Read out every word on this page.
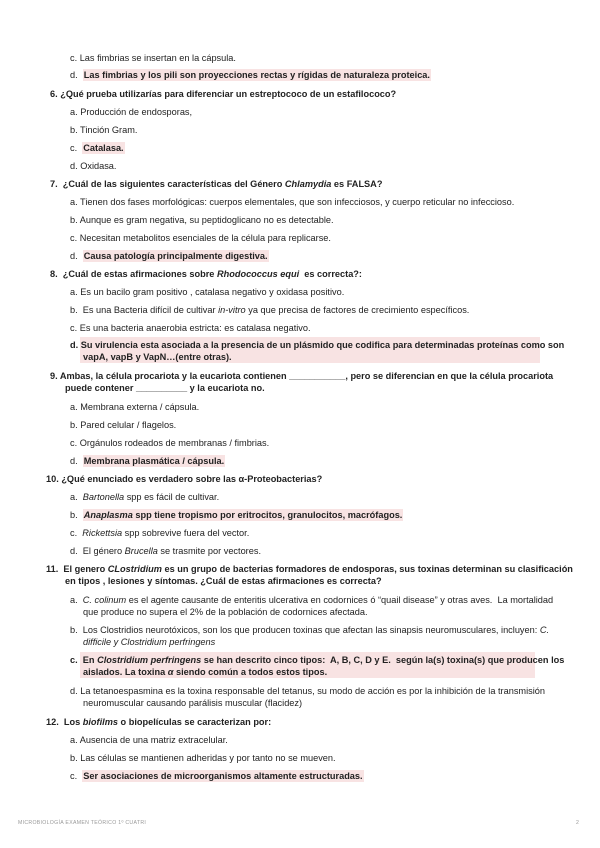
c. Las fimbrias se insertan en la cápsula.
d.  Las fimbrias y los pili son proyecciones rectas y rígidas de naturaleza proteica.
6. ¿Qué prueba utilizarías para diferenciar un estreptococo de un estafilococo?
a. Producción de endosporas,
b. Tinción Gram.
c.  Catalasa.
d. Oxidasa.
7.  ¿Cuál de las siguientes características del Género Chlamydia es FALSA?
a. Tienen dos fases morfológicas: cuerpos elementales, que son infecciosos, y cuerpo reticular no infeccioso.
b. Aunque es gram negativa, su peptidoglicano no es detectable.
c. Necesitan metabolitos esenciales de la célula para replicarse.
d.  Causa patología principalmente digestiva.
8.  ¿Cuál de estas afirmaciones sobre Rhodococcus equi  es correcta?:
a. Es un bacilo gram positivo , catalasa negativo y oxidasa positivo.
b.  Es una Bacteria difícil de cultivar in-vitro ya que precisa de factores de crecimiento específicos.
c. Es una bacteria anaerobia estricta: es catalasa negativo.
d. Su virulencia esta asociada a la presencia de un plásmido que codifica para determinadas proteínas como son
vapA, vapB y VapN…(entre otras).
9. Ambas, la célula procariota y la eucariota contienen ___________, pero se diferencian en que la célula procariota
puede contener __________ y la eucariota no.
a. Membrana externa / cápsula.
b. Pared celular / flagelos.
c. Orgánulos rodeados de membranas / fimbrias.
d.  Membrana plasmática / cápsula.
10. ¿Qué enunciado es verdadero sobre las α-Proteobacterias?
a.  Bartonella spp es fácil de cultivar.
b.  Anaplasma spp tiene tropismo por eritrocitos, granulocitos, macrófagos.
c.  Rickettsia spp sobrevive fuera del vector.
d.  El género Brucella se trasmite por vectores.
11.  El genero CLostridium es un grupo de bacterias formadores de endosporas, sus toxinas determinan su clasificación
en tipos , lesiones y síntomas. ¿Cuál de estas afirmaciones es correcta?
a.  C. colinum es el agente causante de enteritis ulcerativa en codornices ó “quail disease” y otras aves.  La mortalidad
que produce no supera el 2% de la población de codornices afectada.
b.  Los Clostridios neurotóxicos, son los que producen toxinas que afectan las sinapsis neuromusculares, incluyen: C.
difficile y Clostridium perfringens
c.  En Clostridium perfringens se han descrito cinco tipos:  A, B, C, D y E.  según la(s) toxina(s) que producen los
aislados. La toxina α siendo común a todos estos tipos.
d. La tetanoespasmina es la toxina responsable del tetanus, su modo de acción es por la inhibición de la transmisión
neuromuscular causando parálisis muscular (flacidez)
12.  Los biofilms o biopelículas se caracterizan por:
a. Ausencia de una matriz extracelular.
b. Las células se mantienen adheridas y por tanto no se mueven.
c.  Ser asociaciones de microorganismos altamente estructuradas.
MICROBIOLOGÍA EXAMEN TEÓRICO 1º CUATRI	2
